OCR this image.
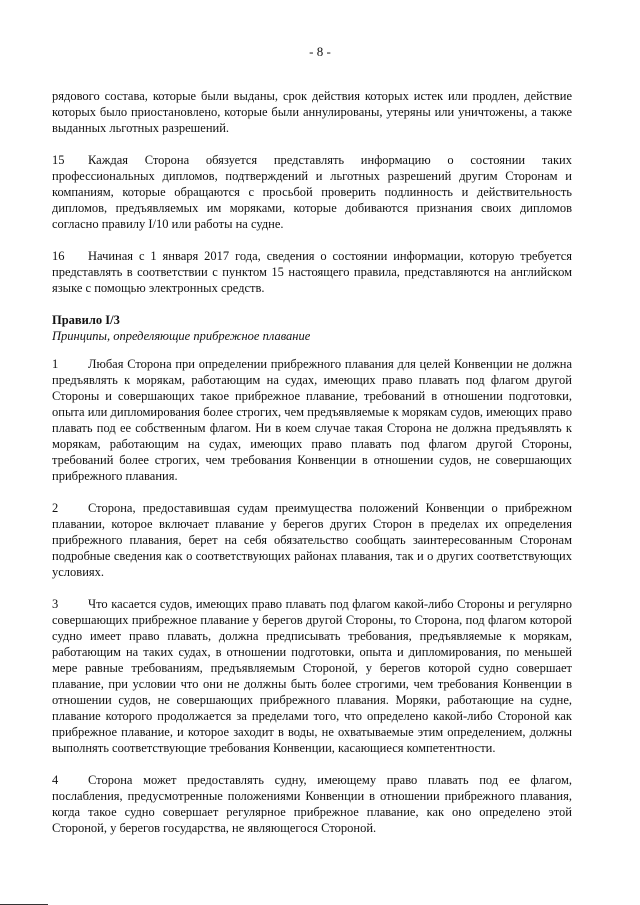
- 8 -

рядового состава, которые были выданы, срок действия которых истек или продлен, действие которых было приостановлено, которые были аннулированы, утеряны или уничтожены, а также выданных льготных разрешений.

15 Каждая Сторона обязуется представлять информацию о состоянии таких профессиональных дипломов, подтверждений и льготных разрешений другим Сторонам и компаниям, которые обращаются с просьбой проверить подлинность и действительность дипломов, предъявляемых им моряками, которые добиваются признания своих дипломов согласно правилу I/10 или работы на судне.

16 Начиная с 1 января 2017 года, сведения о состоянии информации, которую требуется представлять в соответствии с пунктом 15 настоящего правила, представляются на английском языке с помощью электронных средств.

Правило I/3

Принципы, определяющие прибрежное плавание

1 Любая Сторона при определении прибрежного плавания для целей Конвенции не должна предъявлять к морякам, работающим на судах, имеющих право плавать под флагом другой Стороны и совершающих такое прибрежное плавание, требований в отношении подготовки, опыта или дипломирования более строгих, чем предъявляемые к морякам судов, имеющих право плавать под ее собственным флагом. Ни в коем случае такая Сторона не должна предъявлять к морякам, работающим на судах, имеющих право плавать под флагом другой Стороны, требований более строгих, чем требования Конвенции в отношении судов, не совершающих прибрежного плавания.

2 Сторона, предоставившая судам преимущества положений Конвенции о прибрежном плавании, которое включает плавание у берегов других Сторон в пределах их определения прибрежного плавания, берет на себя обязательство сообщать заинтересованным Сторонам подробные сведения как о соответствующих районах плавания, так и о других соответствующих условиях.

3 Что касается судов, имеющих право плавать под флагом какой-либо Стороны и регулярно совершающих прибрежное плавание у берегов другой Стороны, то Сторона, под флагом которой судно имеет право плавать, должна предписывать требования, предъявляемые к морякам, работающим на таких судах, в отношении подготовки, опыта и дипломирования, по меньшей мере равные требованиям, предъявляемым Стороной, у берегов которой судно совершает плавание, при условии что они не должны быть более строгими, чем требования Конвенции в отношении судов, не совершающих прибрежного плавания. Моряки, работающие на судне, плавание которого продолжается за пределами того, что определено какой-либо Стороной как прибрежное плавание, и которое заходит в воды, не охватываемые этим определением, должны выполнять соответствующие требования Конвенции, касающиеся компетентности.

4 Сторона может предоставлять судну, имеющему право плавать под ее флагом, послабления, предусмотренные положениями Конвенции в отношении прибрежного плавания, когда такое судно совершает регулярное прибрежное плавание, как оно определено этой Стороной, у берегов государства, не являющегося Стороной.
